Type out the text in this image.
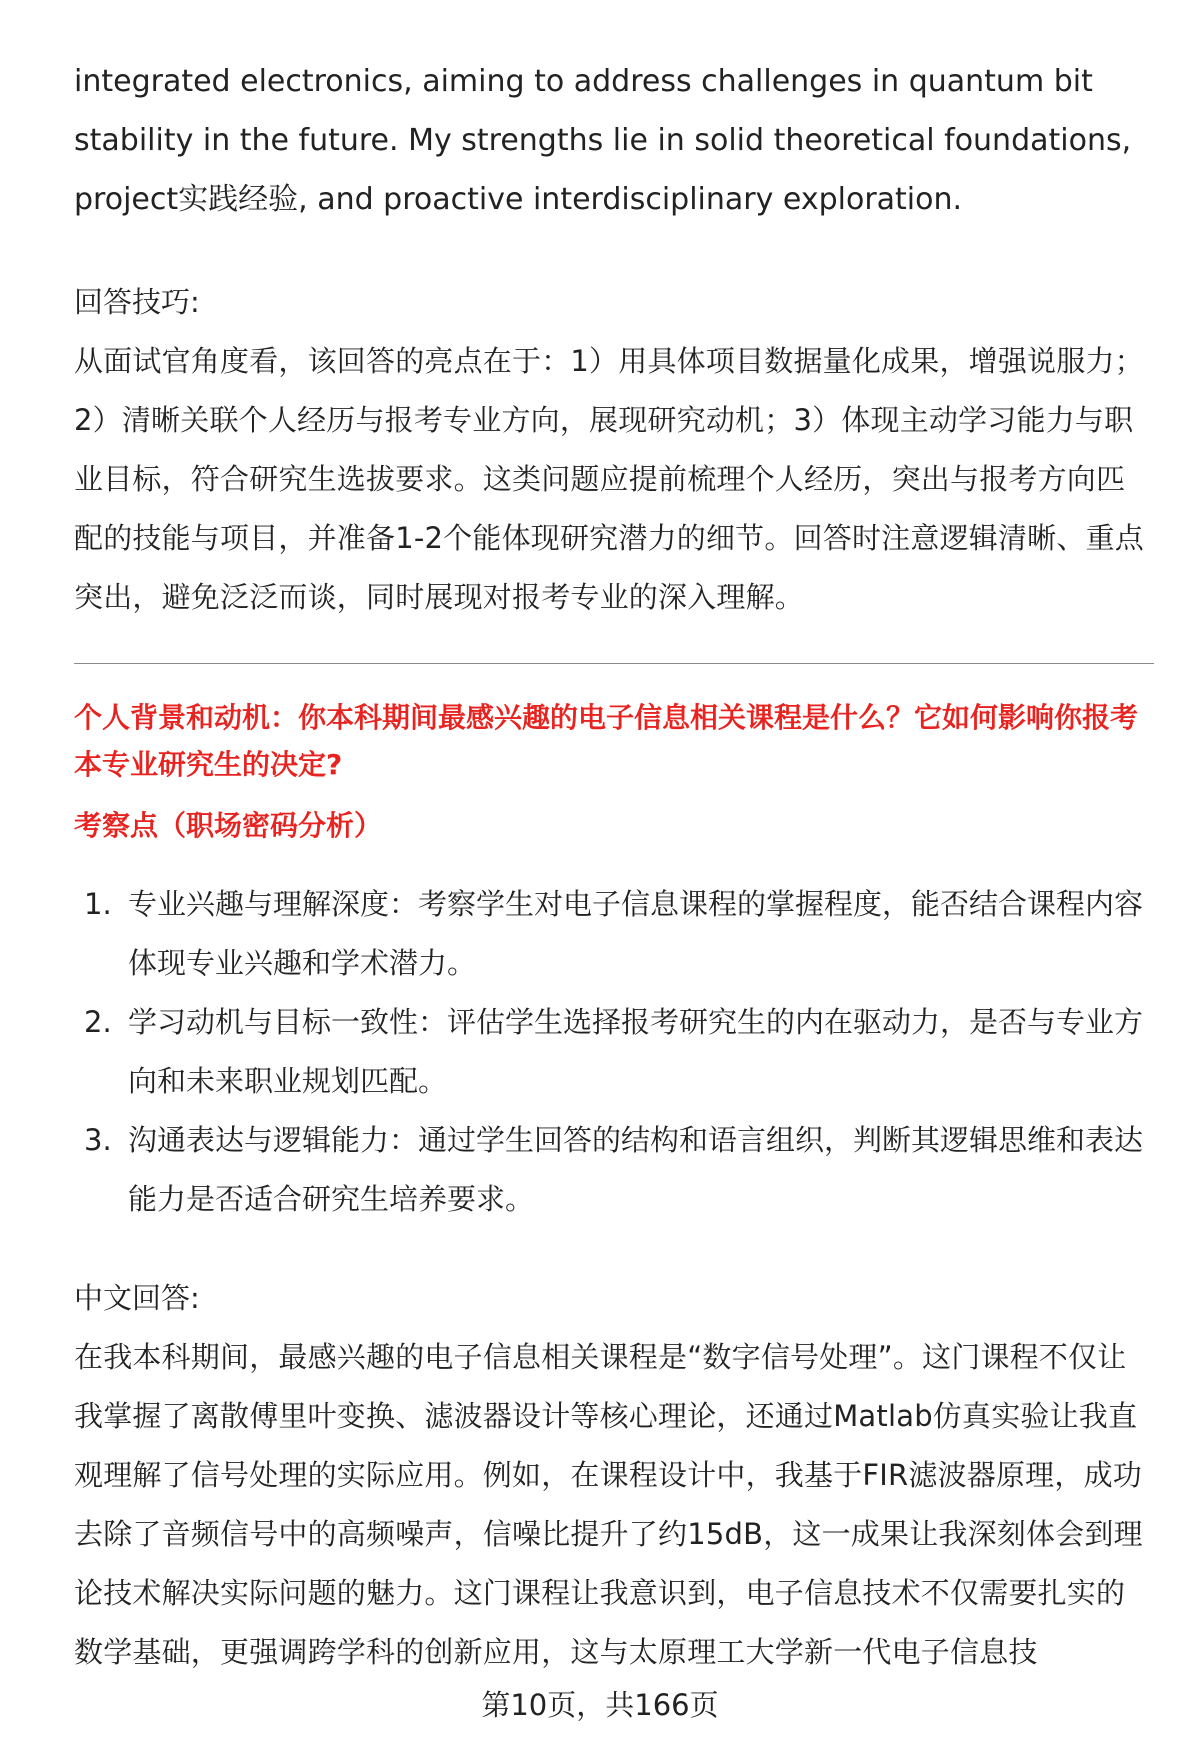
integrated electronics, aiming to address challenges in quantum bit stability in the future. My strengths lie in solid theoretical foundations, project实践经验, and proactive interdisciplinary exploration.

回答技巧:

从面试官角度看，该回答的亮点在于：1）用具体项目数据量化成果，增强说服力；2）清晰关联个人经历与报考专业方向，展现研究动机；3）体现主动学习能力与职业目标，符合研究生选拔要求。这类问题应提前梳理个人经历，突出与报考方向匹配的技能与项目，并准备1-2个能体现研究潜力的细节。回答时注意逻辑清晰、重点突出，避免泛泛而谈，同时展现对报考专业的深入理解。

个人背景和动机：你本科期间最感兴趣的电子信息相关课程是什么？它如何影响你报考本专业研究生的决定?

考察点（职场密码分析）

1. 专业兴趣与理解深度：考察学生对电子信息课程的掌握程度，能否结合课程内容体现专业兴趣和学术潜力。
2. 学习动机与目标一致性：评估学生选择报考研究生的内在驱动力，是否与专业方向和未来职业规划匹配。
3. 沟通表达与逻辑能力：通过学生回答的结构和语言组织，判断其逻辑思维和表达能力是否适合研究生培养要求。

中文回答:

在我本科期间，最感兴趣的电子信息相关课程是“数字信号处理”。这门课程不仅让我掌握了离散傅里叶变换、滤波器设计等核心理论，还通过Matlab仿真实验让我直观理解了信号处理的实际应用。例如，在课程设计中，我基于FIR滤波器原理，成功去除了音频信号中的高频噪声，信噪比提升了约15dB，这一成果让我深刻体会到理论技术解决实际问题的魅力。这门课程让我意识到，电子信息技术不仅需要扎实的数学基础，更强调跨学科的创新应用，这与太原理工大学新一代电子信息技

第10页，共166页
